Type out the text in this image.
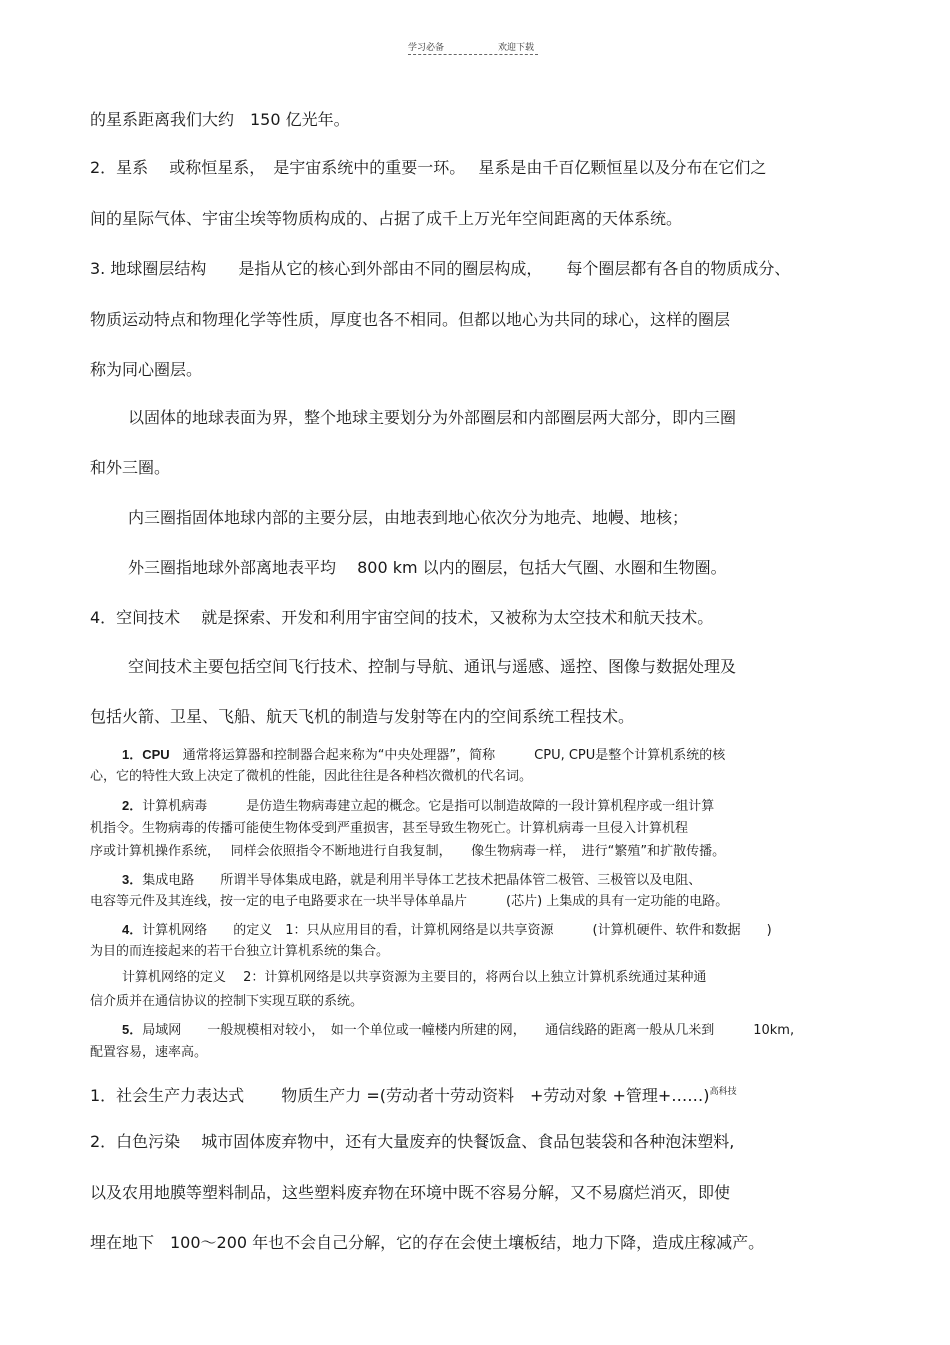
学习必备	欢迎下载
的星系距离我们大约　150 亿光年。
2．星系　 或称恒星系，　是宇宙系统中的重要一环。　 星系是由千百亿颗恒星以及分布在它们之
间的星际气体、宇宙尘埃等物质构成的、占据了成千上万光年空间距离的天体系统。
3. 地球圈层结构　　是指从它的核心到外部由不同的圈层构成，　　每个圈层都有各自的物质成分、
物质运动特点和物理化学等性质，厚度也各不相同。但都以地心为共同的球心，这样的圈层
称为同心圈层。
以固体的地球表面为界，整个地球主要划分为外部圈层和内部圈层两大部分，即内三圈
和外三圈。
内三圈指固体地球内部的主要分层，由地表到地心依次分为地壳、地幔、地核；
外三圈指地球外部离地表平均　 800 km 以内的圈层，包括大气圈、水圈和生物圈。
4．空间技术　 就是探索、开发和利用宇宙空间的技术，又被称为太空技术和航天技术。
空间技术主要包括空间飞行技术、控制与导航、通讯与遥感、遥控、图像与数据处理及
包括火箭、卫星、飞船、航天飞机的制造与发射等在内的空间系统工程技术。
1．CPU　通常将运算器和控制器合起来称为“中央处理器”，简称　　　CPU, CPU是整个计算机系统的核
心，它的特性大致上决定了微机的性能，因此往往是各种档次微机的代名词。
2．计算机病毒　　　是仿造生物病毒建立起的概念。它是指可以制造故障的一段计算机程序或一组计算
机指令。生物病毒的传播可能使生物体受到严重损害，甚至导致生物死亡。计算机病毒一旦侵入计算机程
序或计算机操作系统，　 同样会依照指令不断地进行自我复制，　　像生物病毒一样，　进行“繁殖”和扩散传播。
3．集成电路　　所谓半导体集成电路，就是利用半导体工艺技术把晶体管二极管、三极管以及电阻、
电容等元件及其连线，按一定的电子电路要求在一块半导体单晶片　　　(芯片) 上集成的具有一定功能的电路。
4．计算机网络　　的定义　1：只从应用目的看，计算机网络是以共享资源　　　(计算机硬件、软件和数据　　)
为目的而连接起来的若干台独立计算机系统的集合。
计算机网络的定义　 2：计算机网络是以共享资源为主要目的，将两台以上独立计算机系统通过某种通
信介质并在通信协议的控制下实现互联的系统。
5．局域网　　一般规模相对较小，　如一个单位或一幢楼内所建的网，　　通信线路的距离一般从几米到　　　10km,
配置容易，速率高。
1．社会生产力表达式　　 物质生产力 =(劳动者十劳动资料　+劳动对象 +管理+……)$^{高科技}$
2．白色污染　 城市固体废弃物中，还有大量废弃的快餐饭盒、食品包装袋和各种泡沫塑料,
以及农用地膜等塑料制品，这些塑料废弃物在环境中既不容易分解，又不易腐烂消灭，即使
埋在地下　100～200 年也不会自己分解，它的存在会使土壤板结，地力下降，造成庄稼减产。
